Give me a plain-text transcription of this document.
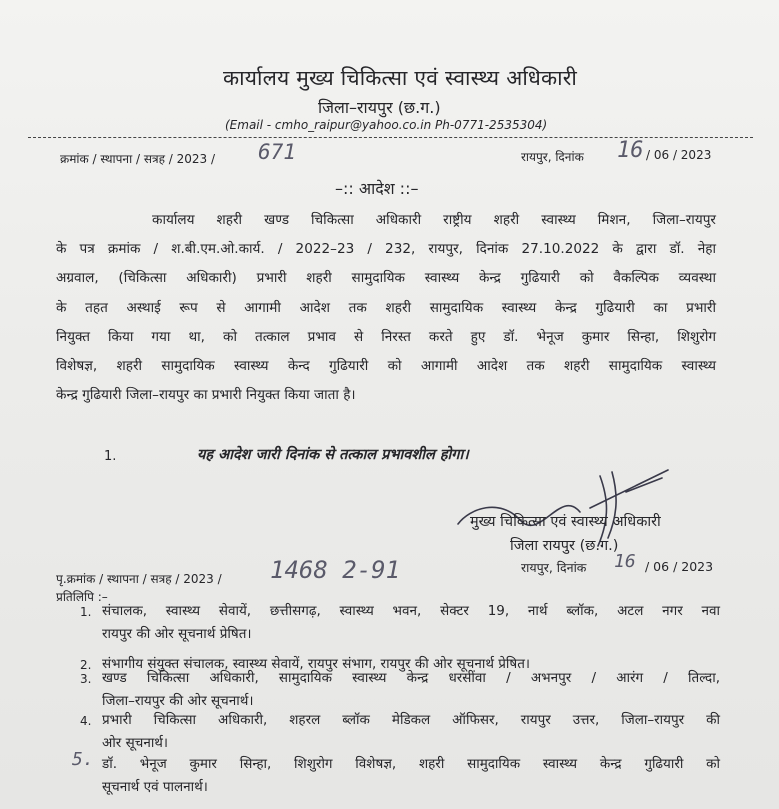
कार्यालय मुख्य चिकित्सा एवं स्वास्थ्य अधिकारी
जिला–रायपुर (छ.ग.)
(Email - cmho_raipur@yahoo.co.in Ph-0771-2535304)
क्रमांक / स्थापना / सत्रह / 2023 / 671	रायपुर, दिनांक 16 / 06 / 2023
–:: आदेश ::–
कार्यालय शहरी खण्ड चिकित्सा अधिकारी राष्ट्रीय शहरी स्वास्थ्य मिशन, जिला–रायपुर
के पत्र क्रमांक / श.बी.एम.ओ.कार्य. / 2022–23 / 232, रायपुर, दिनांक 27.10.2022 के द्वारा डॉ. नेहा
अग्रवाल, (चिकित्सा अधिकारी) प्रभारी शहरी सामुदायिक स्वास्थ्य केन्द्र गुढियारी को वैकल्पिक व्यवस्था
के तहत अस्थाई रूप से आगामी आदेश तक शहरी सामुदायिक स्वास्थ्य केन्द्र गुढियारी का प्रभारी
नियुक्त किया गया था, को तत्काल प्रभाव से निरस्त करते हुए डॉ. भेनूज कुमार सिन्हा, शिशुरोग
विशेषज्ञ, शहरी सामुदायिक स्वास्थ्य केन्द गुढियारी को आगामी आदेश तक शहरी सामुदायिक स्वास्थ्य
केन्द्र गुढियारी जिला–रायपुर का प्रभारी नियुक्त किया जाता है।
1.	यह आदेश जारी दिनांक से तत्काल प्रभावशील होगा।
मुख्य चिकित्सा एवं स्वास्थ्य अधिकारी
जिला रायपुर (छ.ग.)
रायपुर, दिनांक 16 / 06 / 2023
पृ.क्रमांक / स्थापना / सत्रह / 2023 / 1468 2-91
प्रतिलिपि :–
1. संचालक, स्वास्थ्य सेवायें, छत्तीसगढ़, स्वास्थ्य भवन, सेक्टर 19, नार्थ ब्लॉक, अटल नगर नवा
रायपुर की ओर सूचनार्थ प्रेषित।
2. संभागीय संयुक्त संचालक, स्वास्थ्य सेवायें, रायपुर संभाग, रायपुर की ओर सूचनार्थ प्रेषित।
3. खण्ड चिकित्सा अधिकारी, सामुदायिक स्वास्थ्य केन्द्र धरसींवा / अभनपुर / आरंग / तिल्दा,
जिला–रायपुर की ओर सूचनार्थ।
4. प्रभारी चिकित्सा अधिकारी, शहरल ब्लॉक मेडिकल ऑफिसर, रायपुर उत्तर, जिला–रायपुर की
ओर सूचनार्थ।
5. डॉ. भेनूज कुमार सिन्हा, शिशुरोग विशेषज्ञ, शहरी सामुदायिक स्वास्थ्य केन्द्र गुढियारी को
सूचनार्थ एवं पालनार्थ।
